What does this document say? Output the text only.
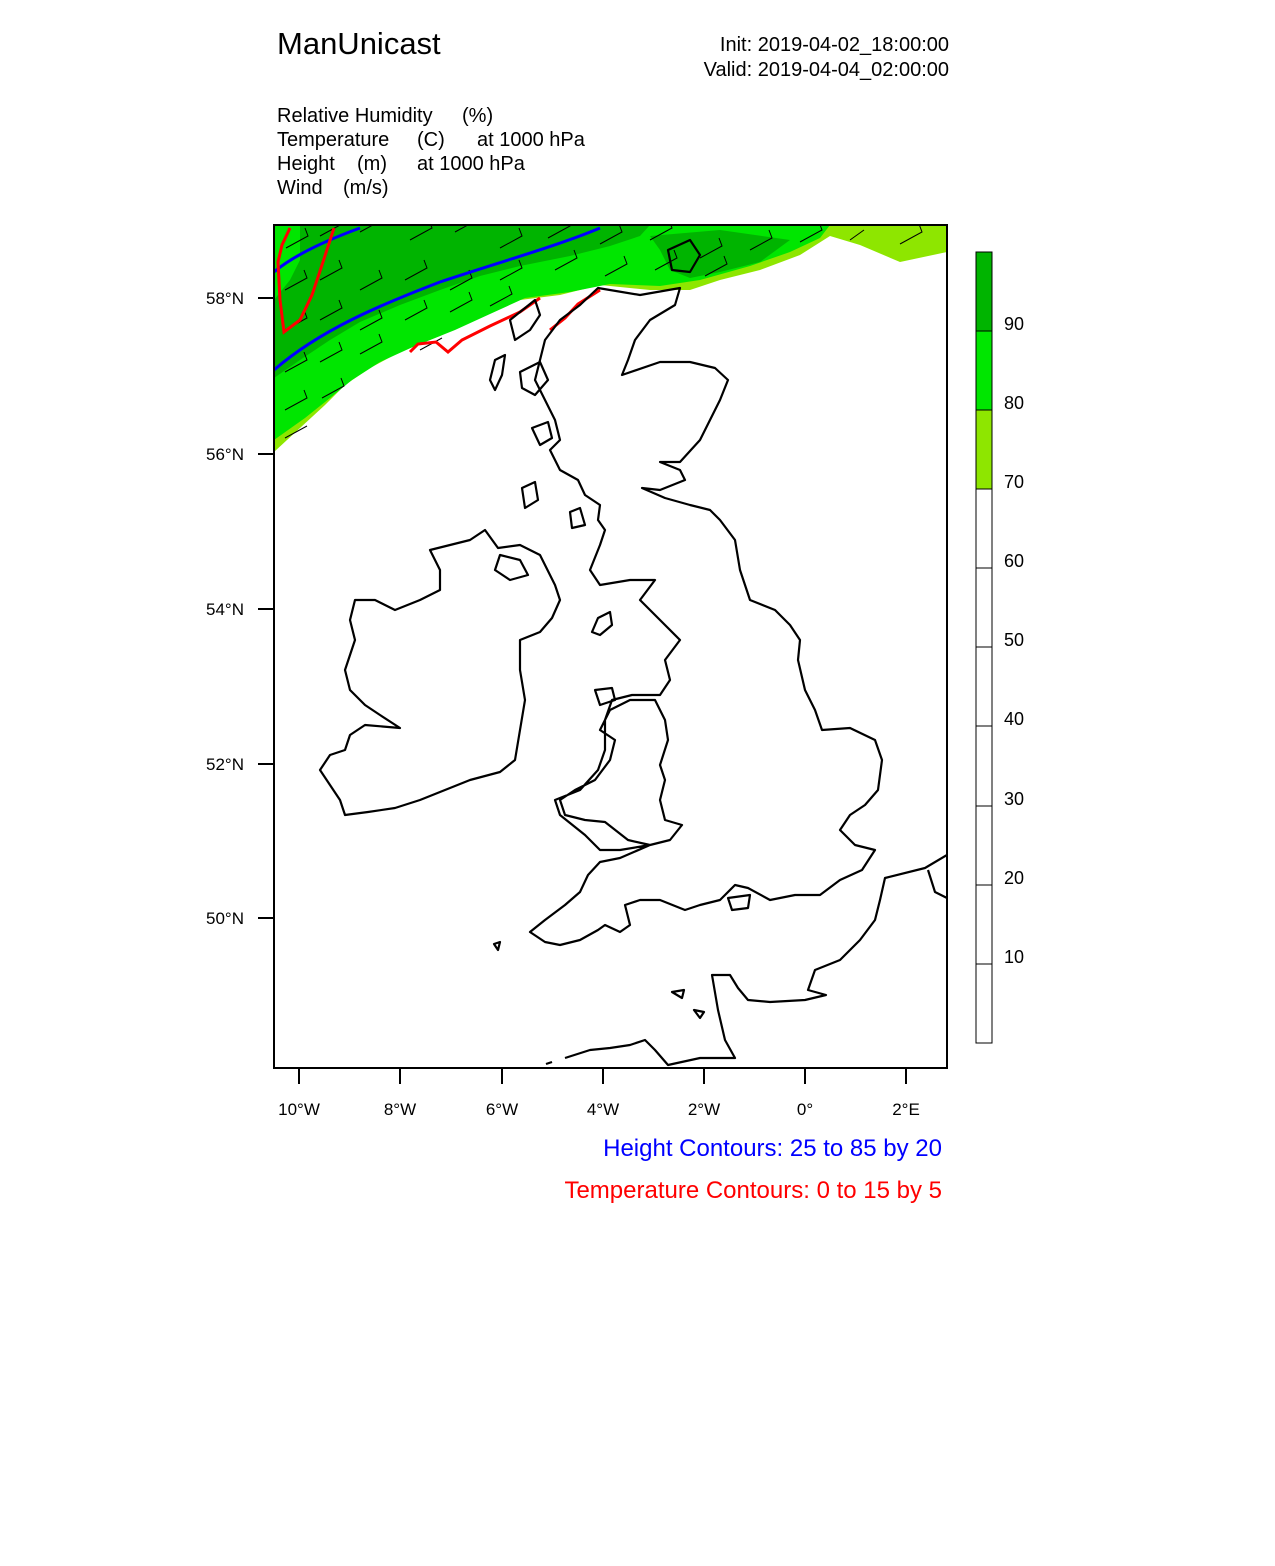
ManUnicast	Init: 2019-04-02_18:00:00
Valid: 2019-04-04_02:00:00
Relative Humidity (%)
Temperature (C) at 1000 hPa
Height (m) at 1000 hPa
Wind (m/s)
58°N
56°N
54°N
52°N
50°N
10°W	8°W	6°W	4°W	2°W	0°	2°E
90
80
70
60
50
40
30
20
10
Height Contours: 25 to 85 by 20
Temperature Contours: 0 to 15 by 5
